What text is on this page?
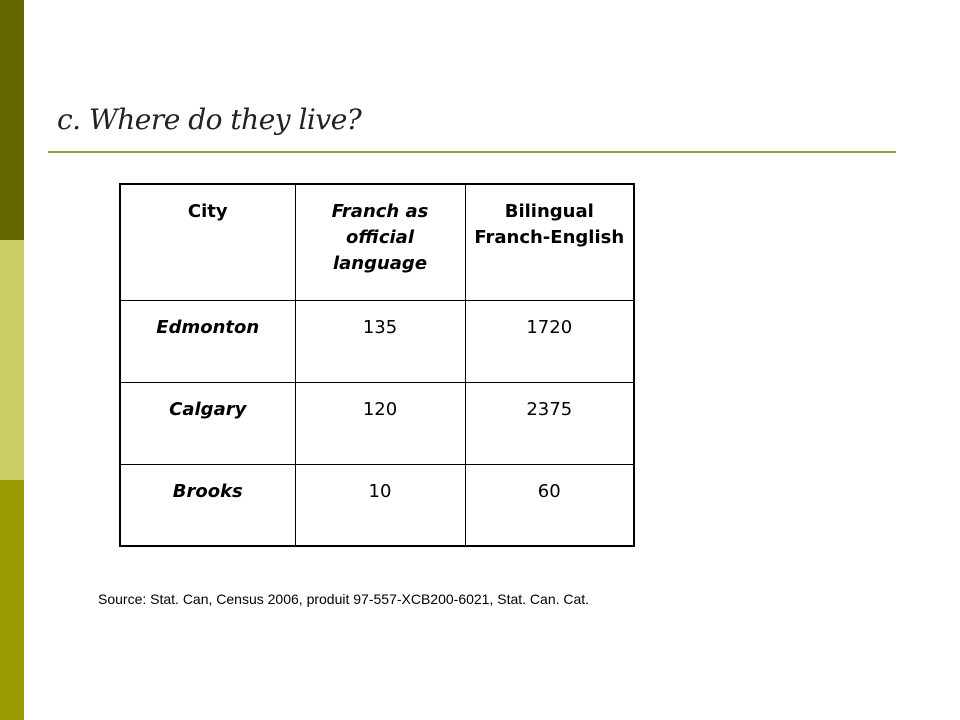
c. Where do they live?
City	Franch as official language	Bilingual Franch-English
Edmonton	135	1720
Calgary	120	2375
Brooks	10	60
Source: Stat. Can, Census 2006, produit 97-557-XCB200-6021, Stat. Can. Cat.
